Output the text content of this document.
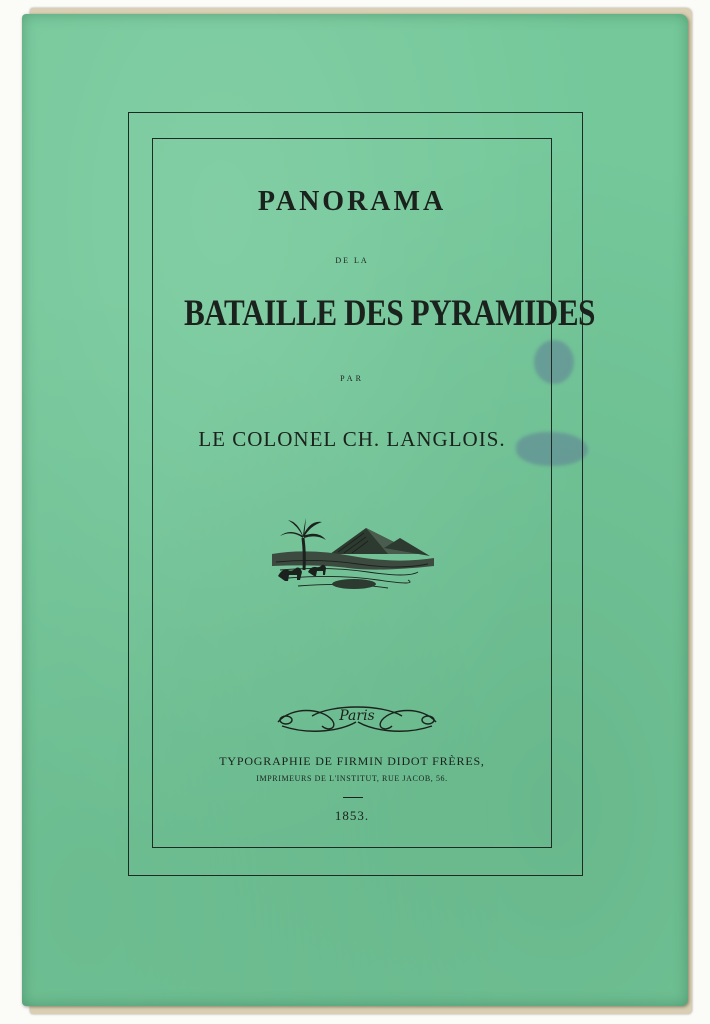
PANORAMA
DE LA
BATAILLE DES PYRAMIDES
PAR
LE COLONEL CH. LANGLOIS.
Paris
TYPOGRAPHIE DE FIRMIN DIDOT FRÈRES,
IMPRIMEURS DE L'INSTITUT, RUE JACOB, 56.
1853.
